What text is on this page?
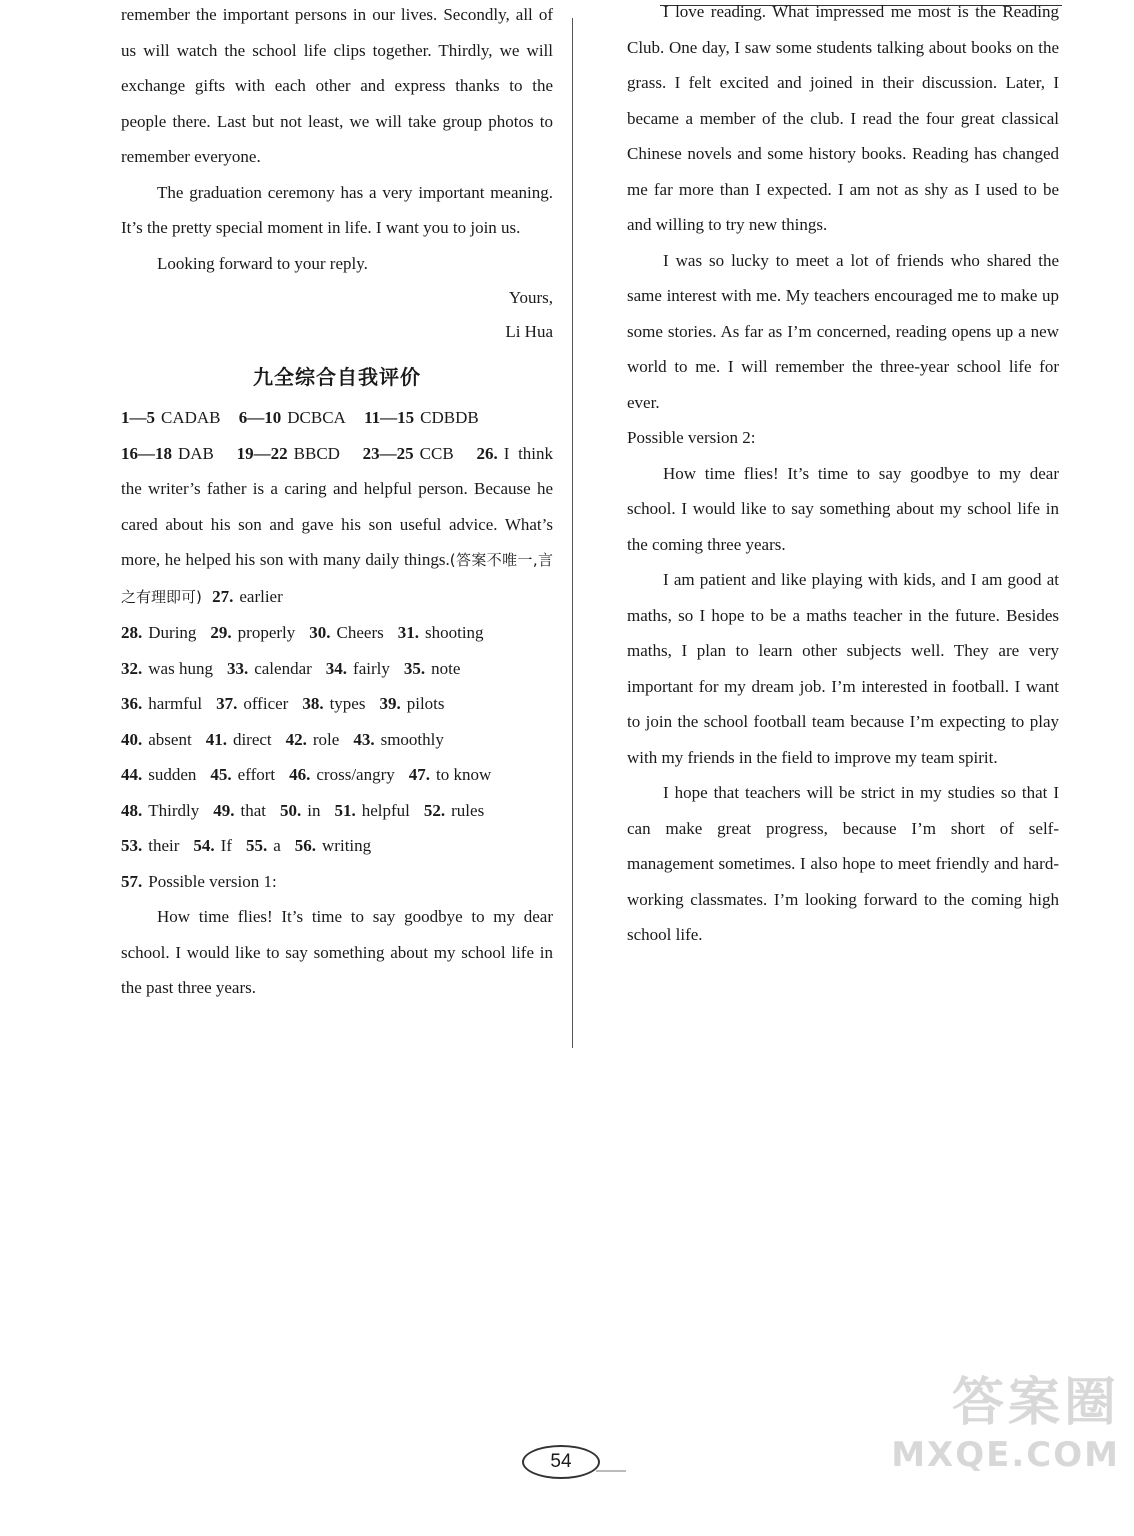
remember the important persons in our lives. Secondly, all of us will watch the school life clips together. Thirdly, we will exchange gifts with each other and express thanks to the people there. Last but not least, we will take group photos to remember everyone.

The graduation ceremony has a very important meaning. It’s the pretty special moment in life. I want you to join us.

Looking forward to your reply.

Yours,

Li Hua

九全综合自我评价

1—5 CADAB 6—10 DCBCA 11—15 CDBDB

16—18 DAB 19—22 BBCD 23—25 CCB 26. I think the writer’s father is a caring and helpful person. Because he cared about his son and gave his son useful advice. What’s more, he helped his son with many daily things.(答案不唯一,言之有理即可) 27. earlier

28. During 29. properly 30. Cheers 31. shooting

32. was hung 33. calendar 34. fairly 35. note

36. harmful 37. officer 38. types 39. pilots

40. absent 41. direct 42. role 43. smoothly

44. sudden 45. effort 46. cross/angry 47. to know

48. Thirdly 49. that 50. in 51. helpful 52. rules

53. their 54. If 55. a 56. writing

57. Possible version 1:

How time flies! It’s time to say goodbye to my dear school. I would like to say something about my school life in the past three years.

I love reading. What impressed me most is the Reading Club. One day, I saw some students talking about books on the grass. I felt excited and joined in their discussion. Later, I became a member of the club. I read the four great classical Chinese novels and some history books. Reading has changed me far more than I expected. I am not as shy as I used to be and willing to try new things.

I was so lucky to meet a lot of friends who shared the same interest with me. My teachers encouraged me to make up some stories. As far as I’m concerned, reading opens up a new world to me. I will remember the three-year school life for ever.

Possible version 2:

How time flies! It’s time to say goodbye to my dear school. I would like to say something about my school life in the coming three years.

I am patient and like playing with kids, and I am good at maths, so I hope to be a maths teacher in the future. Besides maths, I plan to learn other subjects well. They are very important for my dream job. I’m interested in football. I want to join the school football team because I’m expecting to play with my friends in the field to improve my team spirit.

I hope that teachers will be strict in my studies so that I can make great progress, because I’m short of self-management sometimes. I also hope to meet friendly and hard-working classmates. I’m looking forward to the coming high school life.

54
答案圈
MXQE.COM
